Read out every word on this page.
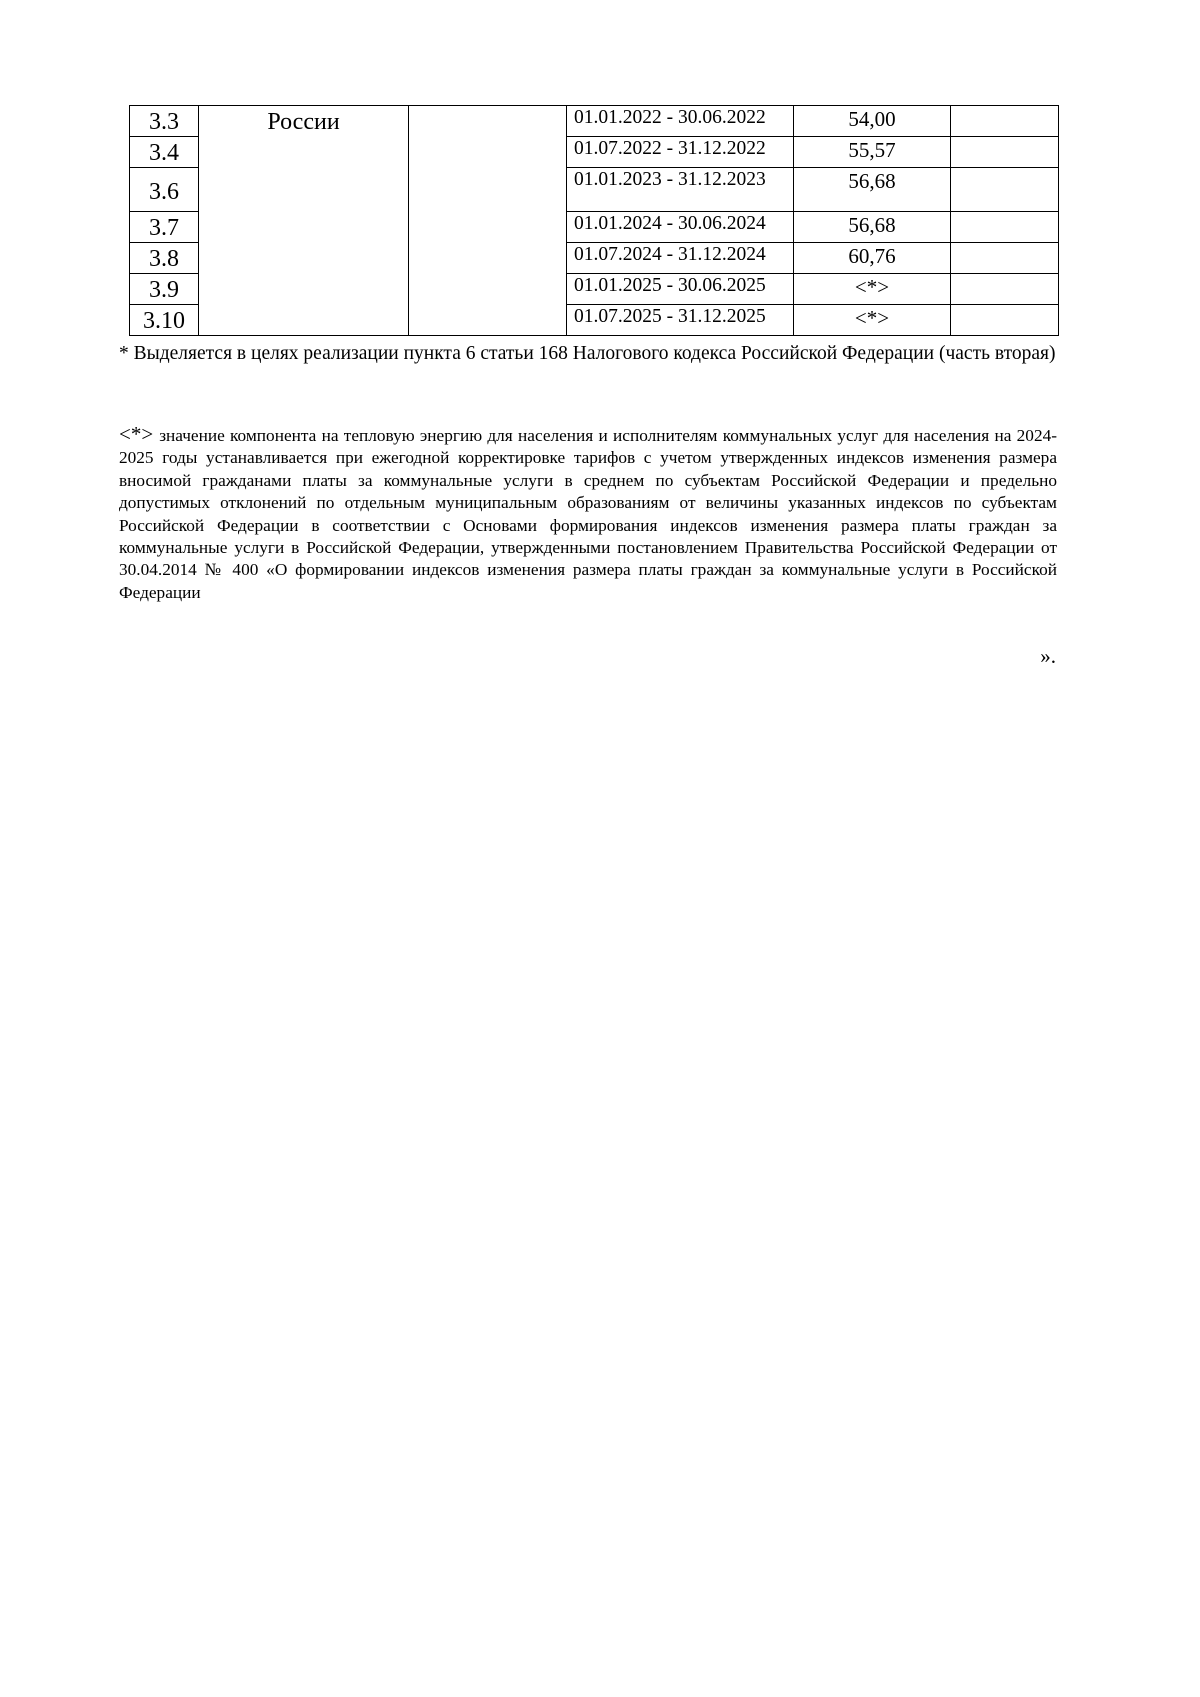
3.3	России		01.01.2022 - 30.06.2022	54,00	
3.4			01.07.2022 - 31.12.2022	55,57	
3.6			01.01.2023 - 31.12.2023	56,68	
3.7			01.01.2024 - 30.06.2024	56,68	
3.8			01.07.2024 - 31.12.2024	60,76	
3.9			01.01.2025 - 30.06.2025	<*>	
3.10			01.07.2025 - 31.12.2025	<*>	

* Выделяется в целях реализации пункта 6 статьи 168 Налогового кодекса Российской Федерации (часть вторая)

<*> значение компонента на тепловую энергию для населения и исполнителям коммунальных услуг для населения на 2024-2025 годы устанавливается при ежегодной корректировке тарифов с учетом утвержденных индексов изменения размера вносимой гражданами платы за коммунальные услуги в среднем по субъектам Российской Федерации и предельно допустимых отклонений по отдельным муниципальным образованиям от величины указанных индексов по субъектам Российской Федерации в соответствии с Основами формирования индексов изменения размера платы граждан за коммунальные услуги в Российской Федерации, утвержденными постановлением Правительства Российской Федерации от 30.04.2014 № 400 «О формировании индексов изменения размера платы граждан за коммунальные услуги в Российской Федерации

».
